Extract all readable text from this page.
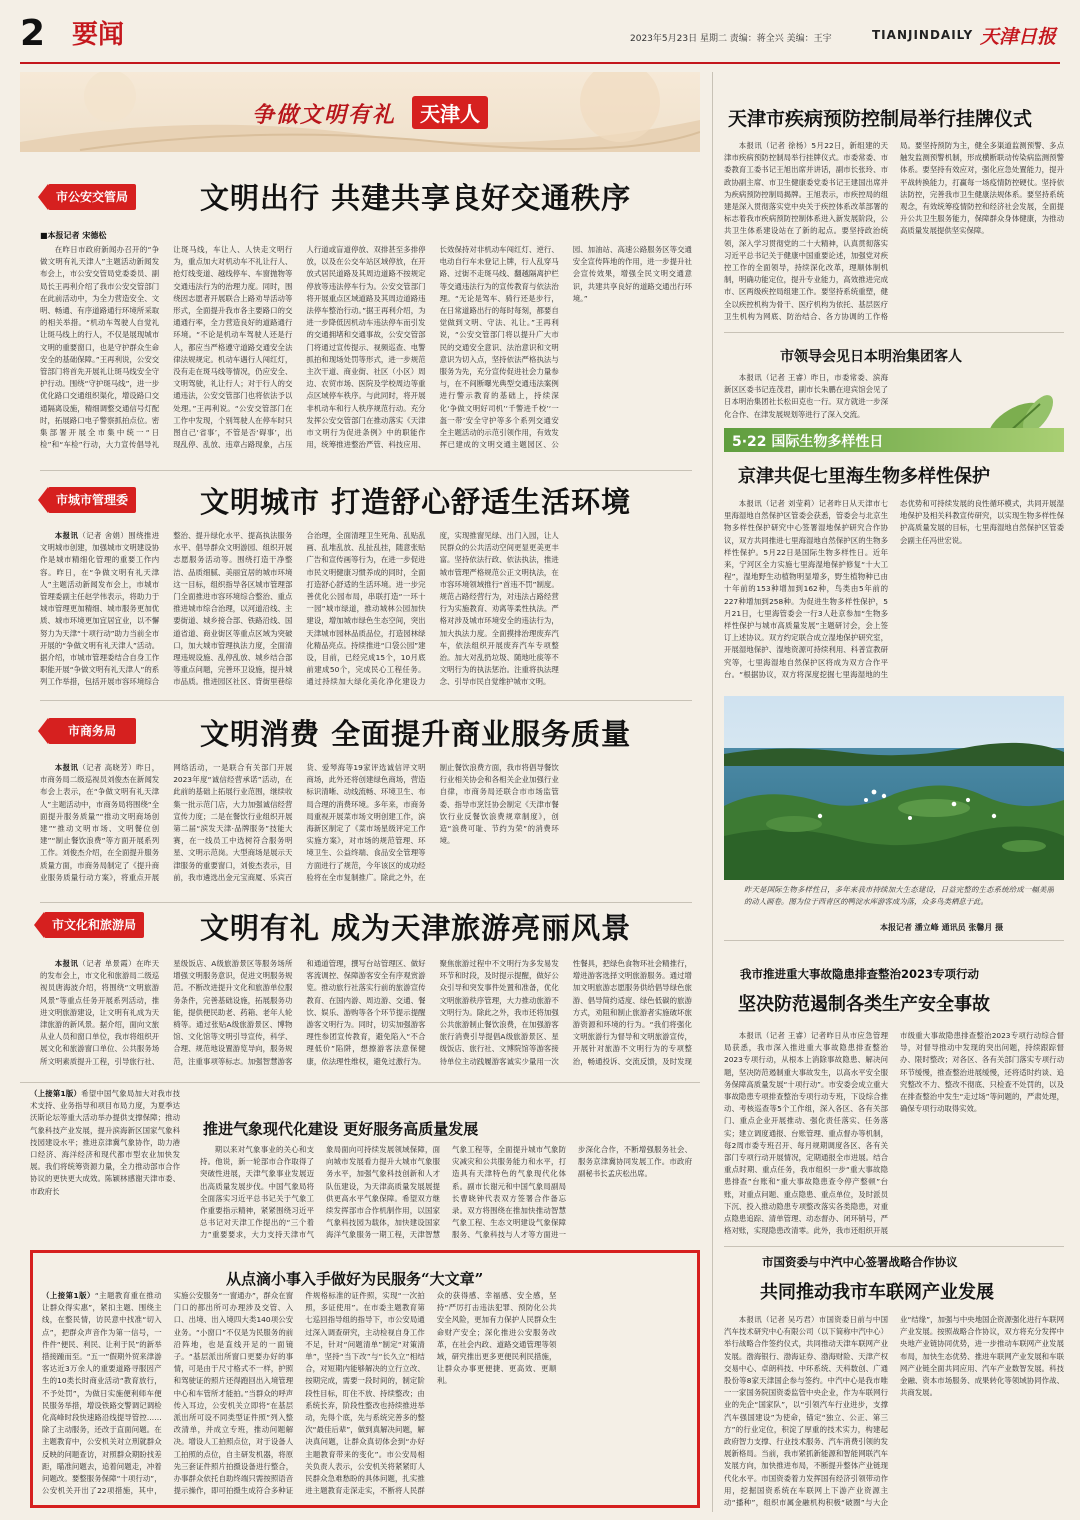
2 要闻	2023年5月23日 星期二 责编：蒋全兴 美编：王宇	TIANJINDAILY 天津日报
争做文明有礼	天津人
市公安交管局 文明出行 共建共享良好交通秩序
■本报记者 宋德松

在昨日市政府新闻办召开的“争做文明有礼天津人”主题活动新闻发布会上，市公安交管局党委委员、副局长王再利介绍了我市公安交管部门在此前活动中，为全力营造安全、文明、畅通、有序道路通行环境所采取的相关举措。“机动车驾驶人自觉礼让斑马线上的行人，不仅是展现城市文明的重要窗口，也是守护群众生命安全的基础保障。”王再利说，公安交管部门将首先开展礼让斑马线安全守护行动。围绕“守护斑马线”，进一步优化路口交通组织渠化，增设路口交通隔离设施，精细调整交通信号灯配时，拓展路口电子警察抓拍点位。密集部署开展全市集中统一“日检”和“车检”行动，大力宣传倡导礼让斑马线，车让人、人快走文明行为，重点加大对机动车不礼让行人、抢灯线变道、越线停车、车窗抛物等交通违法行为的治理力度。同时，围绕因志愿者开展联合上路劝导活动等形式，全面提升我市各主要路口的交通通行率，全力营造良好的道路通行环境。“不论是机动车驾驶人还是行人，都应当严格遵守道路交通安全法律法规规定。机动车遇行人闯红灯，没有走在斑马线等情况，仍应安全、文明驾驶，礼让行人；对于行人的交通违法，公安交管部门也将依法予以处理。”王再利说。“公安交管部门在工作中发现，个别驾驶人在停车时只图自己‘省事’，不管是否‘碍事’，出现乱停、乱放、违章占路现象，占压人行道或盲道停放、双排甚至多排停放，以及在公交车站区域停放，在开放式居民道路及其周边道路不按规定停放等违法停车行为。公安交管部门将开展重点区域道路及其周边道路违法停车整治行动。”据王再利介绍，为进一步降低因机动车违法停车而引发的交通拥堵和交通事故，公安交管部门将通过宣传提示、视频巡查、电警抓拍和现场处罚等形式，进一步规范主次干道、商业街、社区（小区）周边、农贸市场、医院及学校周边等重点区域停车秩序。与此同时，将开展非机动车和行人秩序规范行动。充分发挥公安交管部门在推动落实《天津市文明行为促进条例》中的职能作用，统筹推进整治严管、科技应用、长效保持对非机动车闯红灯、逆行、电动自行车未登记上牌，行人乱穿马路、过街不走斑马线、翻越隔离护栏等交通违法行为的宣传教育与依法治理。“无论是驾车、骑行还是步行，在日常道路出行的每时每刻，都要自觉做到文明、守法、礼让。”王再利说，“公安交管部门将以提升广大市民的交通安全意识、法治意识和文明意识为切入点，坚持依法严格执法与服务为先，充分宣传促进社会力量参与，在不间断曝光典型交通违法案例进行警示教育的基础上，持续深化‘争做文明好司机’‘千警进千校’‘一盔一带’安全守护等多个系列交通安全主题活动的示范引领作用，有效发挥已建成的文明交通主题园区、公园、加油站、高速公路服务区等交通安全宣传阵地的作用，进一步提升社会宣传效果，增强全民文明交通意识，共建共享良好的道路交通出行环境。”

市城市管理委 文明城市 打造舒心舒适生活环境

本报讯（记者 舍娟）围绕推进文明城市创建，加强城市文明建设协作是城市精细化管理的重要工作内容。昨日，在“争做文明有礼天津人”主题活动新闻发布会上，市城市管理委副主任赵学伟表示，将助力于城市管理更加精细、城市服务更加优质、城市环境更加宜居宜业，以不懈努力为天津“十项行动”助力当前全市开展的“争做文明有礼天津人”活动。据介绍，市城市管理委结合自身工作职能开展“争做文明有礼天津人”的系列工作举措，包括开展市容环境综合整治、提升绿化水平、提高执法服务水平、倡导群众文明游园、组织开展志愿服务活动等。围绕打造干净整洁、品质细腻、美丽宜居的城市环境这一目标，组织指导各区城市管理部门全面推进市容环境综合整治、重点推进城市综合治理，以河道沿线、主要街道、城乡接合部、铁路沿线、国道省道、商业街区等重点区域为突破口，加大城市管理执法力度，全面清理违规设施、乱停乱放、城乡结合部等重点问题，完善环卫设施，提升城市品质。推进园区社区、背街里巷综合治理，全面清理卫生死角、乱贴乱画、乱堆乱放、乱扯乱挂，随意张贴广告和宣传画等行为，在进一步促进市民文明健康习惯养成的同时，全面打造舒心舒适的生活环境。进一步完善优化公园布局，串联打造“一环十一园”城市绿道，推动城林公园加快建设，增加城市绿色生态空间，突出天津城市园林品质品位，打造园林绿化精品亮点。持续推进“口袋公园”建设，目前，已经完成15个，10月底前建成50个，完成民心工程任务。通过持续加大绿化美化净化建设力度，实现推窗见绿、出门入园，让人民群众的公共活动空间更显更美更丰富。坚持依法行政、依法执法，推进城市管理严格规范公正文明执法，在市容环境领域推行“首违不罚”制度。规范占路经营行为，对违法占路经营行为实施教育、劝离等柔性执法。严格对涉及城市环境安全的违法行为，加大执法力度。全面摸排治理废弃汽车，依法组织开展废弃汽车专项整治。加大对乱扔垃圾、随地吐痰等不文明行为的执法惩治。注重将执法理念、引导市民自觉维护城市文明。

市商务局	文明消费 全面提升商业服务质量

本报讯（记者 高晓芳）昨日，市商务局二级巡视员刘俊杰在新闻发布会上表示，在“争做文明有礼天津人”主题活动中，市商务局将围绕“全面提升服务质量”“推动文明商场创建”“推动文明市场、文明餐位创建”“制止餐饮浪费”等方面开展系列工作。刘俊杰介绍，在全面提升服务质量方面，市商务局制定了《提升商业服务质量行动方案》，将重点开展网络活动，一是联合有关部门开展2023年度“诚信经营承诺”活动，在此前的基础上拓展行业范围，继续收集一批示范门店，大力加强诚信经营宣传力度；二是在餐饮行业组织开展第二届“滨发天津·品牌服务”技能大赛，在一线员工中选树符合服务明星、文明示范岗。大型商场是展示天津服务的重要窗口，刘俊杰表示，目前，我市遴选出金元宝商厦、乐宾百货、爱琴海等19家评选诚信评文明商场，此外还将创建绿色商场，营造标识清晰、动线流畅、环境卫生、布局合理的消费环境。多年来，市商务局重视开展菜市场文明创建工作，滨海新区制定了《菜市场星级评定工作实施方案》，对市场的规范管理、环境卫生、公益终端、食品安全管理等方面进行了规范，今年该区的成功经验将在全市复制推广。除此之外，在制止餐饮浪费方面，我市将倡导餐饮行业相关协会和各相关企业加强行业自律，市商务局还联合市市场监管委、指导市烹饪协会制定《天津市餐饮行业反餐饮浪费规章制度》，创造“浪费可耻、节约为荣”的消费环境。

市文化和旅游局 文明有礼 成为天津旅游亮丽风景

本报讯（记者 单景霞）在昨天的发布会上，市文化和旅游局二级巡视员唐海波介绍，将围绕“文明旅游风景”等重点任务开展系列活动，推进文明旅游建设，让文明有礼成为天津旅游的新风景。据介绍，面向文旅从业人员和窗口单位，我市将组织开展文化和旅游窗口单位、公共服务场所文明素质提升工程，引导旅行社、星级饭店、A级旅游景区等服务场所增强文明服务意识，促进文明服务规范。不断改进提升文化和旅游单位服务条件，完善基础设施，拓展服务功能，提供便民助老、药箱、老年人轮椅等。通过张贴A级旅游景区、博物馆、文化馆等文明引导宣传，科学、合理、规范地设置游览导向，服务规范，注重事项等标志。加强智慧游客和通道管理，撰写台站管理区、做好客流调控、保障游客安全有序观赏游览。推动旅行社落实行前的旅游宣传教育、在国内游、周边游、交通、餐饮、娱乐、游购等各个环节提示提醒游客文明行为。同时，切实加强游客理性参团宣传教育，避免陷入“不合理低价”陷阱，想擦游客法意保健康，依法理性维权，避免过激行为。聚焦旅游过程中不文明行为多发易发环节和时段，及时提示提醒，做好公众引导和突发事件处置和准备，优化文明旅游秩序管理，大力推动旅游不文明行为。除此之外，我市还将加强公共旅游制止餐饮浪费，在加强游客旅行消费引导提倡A级旅游景区、星级饭店、旅行社、文博院馆等游客接待单位主动践履游客诚实少量用一次性餐具，把绿色食物环社会精推行，增进游客选择文明旅游服务。通过增加文明旅游志愿服务供给倡导绿色旅游、倡导简约适度、绿色低碳的旅游方式，劝阻和制止旅游者实施破坏旅游资源和环境的行为。“我们将强化文明旅游行为督导和文明旅游宣传，开展针对旅游不文明行为的专项整治，畅通投诉、交流反馈，及时发现

（上接第1版）希望中国气象局加大对我市技术支持、业务指导和项目布局力度，为夏季达沃斯论坛等重大活动举办提供支撑保障；推动气象科技产业发展，提升滨海新区国家气象科技园建设水平；推进京津冀气象协作，助力港口经济、海洋经济和现代都市型农业加快发展。我们将统筹资源力量，全力推动部市合作协议的更快更大成效。陈颖林感谢天津市委、市政府长

推进气象现代化建设 更好服务高质量发展

期以来对气象事业的关心和支持。他说，新一轮部市合作取得了突破性进展，天津气象事业发展迈出高质量发展步伐。中国气象局将全面落实习近平总书记关于气象工作重要指示精神，紧紧围绕习近平总书记对天津工作提出的“三个着力”重要要求，大力支持天津市气象局面向可持续发展领域保障，面向城市发展看力提升大城市气象服务水平，加强气象科技创新和人才队伍建设，为天津高质量发展展提供更高水平气象保障。希望双方继续发挥部市合作机制作用，以国家气象科技园为载体，加快建设国家海洋气象服务一期工程，天津智慧气象工程等，全面提升城市气象防灾减灾和公共服务能力和水平，打造具有天津特色的气象现代化体系。副市长谢元和中国气象局副局长曹晓钟代表双方签署合作备忘录。双方将围绕在推加快推动智慧气象工程、生态文明建设气象保障服务、气象科技与人才等方面进一步深化合作，不断增强服务社会、服务京津冀协同发展工作。市政府副秘书长孟庆松出席。

从点滴小事入手做好为民服务“大文章”

（上接第1版）“主题教育重在推动让群众得实惠”，紧扣主题、围绕主线，在整民情，访民意中找准“切入点”，把群众声音作为第一信号，一件件“便民、利民、让利于民”的新举措接踵而至。“五一”假期外贸来津游客达近3万余人的重要道路寻服因产生的10类长时商业活动“教育放行，不予处罚”，为做日实施便利师车便民服务举措，增设铁路交警调记调检化高峰时段快速路沿线提导管控……除了主动服务，还改于直面问题。在主题教育中，公安机关对立刑就群众反映的问题查访，对照群众期盼找差距，瞄准问题去，追着问题走，冲着问题改。要整服务保障“十项行动”，公安机关开出了22项措施，其中，实施公安服务“一窗通办”，群众在窗门口的都出所可办理涉及交管、入口、出境、出入境四大类140项公安业务。“小窗口”不仅是为民服务的前沿阵地，也是直线开足的一面镜子。“基层派出所窗口更要办好的事情，可是由于尺寸格式不一样，护照和驾驶证的照片还得跑回出入境管理中心和车管所才能拍。”当群众的呼声传入耳边，公安机关立即将“在基层派出所可设不同类型证件照”列入整改清单，并成立专班，推动问题解决。增设人工拍照点位，对于设备人工拍照的点位，自主研发机器，将原先三套证件照片拍摄设备进行整合，办事群众依托自助终端只需按照语音提示操作，即可拍摄生成符合多种证件规格标准的证件照，实现“一次拍照，多证使用”。在市委主题教育第七巡回指导组的指导下，市公安局通过深入调查研究，主动检视自身工作不足，针对“问题清单”制定“对策清单”，坚持“当下改”与“长久立”相结合，对短期内能够解决的立行立改、按期完成，需要一段时间的，制定阶段性目标，盯住不放、持续整改；由系统长弃，阶段性整改也持续推进举动，先得个底，先与系统完善多的整次“最佳后辈”，做到真解决问题，解决真问题，让群众真切体会到“办好主题教育带来的变化”。市公安局相关负责人表示，公安机关将紧紧盯人民群众急难愁盼的具体问题，扎实推进主题教育走深走实，不断将人民群众的获得感、幸福感、安全感，坚持“严厉打击违法犯罪、预防化公共安全风险，更加有力保护人民群众生命财产安全；深化推进公安服务改革，在社会内政、道路交通管理等领域，研究推出更多更便民利民措施，让群众办事更便捷、更高效、更顺利。

天津市疾病预防控制局举行挂牌仪式

本报讯（记者 徐杨）5月22日，新组建的天津市疾病预防控制局举行挂牌仪式。市委常委、市委教育工委书记王旭出席并讲话，副市长张玲、市政协副主席、市卫生健康委党委书记王建国出席并为疾病预防控制局揭牌。王旭表示，市疾控局的组建是深入贯彻落实党中央关于疾控体系改革部署的标志着我市疾病预防控制体系进入新发展阶段，公共卫生体系建设站在了新的起点。要坚持政治统领，深入学习贯彻党的二十大精神，认真贯彻落实习近平总书记关于健康中国重要论述，加强党对疾控工作的全面领导，持续深化改革，理顺体制机制，明确功能定位，提升专业能力，高效推进完成市、区两级疾控局组建工作。要坚持系统重塑，健全以疾控机构为骨干、医疗机构为依托、基层医疗卫生机构为网底、防治结合、各方协调的工作格局。要坚持预防为主，健全多渠道监测预警、多点触发监测预警机制，形成横断联动传染病监测预警体系。要坚持有效应对，强化应急处置能力，提升平战转换能力，打赢每一场疫情防控硬仗。坚持依法防控，完善我市卫生健康法规体系。要坚持系统观念，有效统筹疫情防控和经济社会发展，全面提升公共卫生服务能力，保障群众身体健康，为推动高质量发展提供坚实保障。

市领导会见日本明治集团客人

本报讯（记者 王睿）昨日，市委常委、滨海新区区委书记连茂君，副市长朱鹏在迎宾馆会见了日本明治集团社长松田克也一行。双方就进一步深化合作、在津发展规划等进行了深入交流。

5·22 国际生物多样性日
京津共促七里海生物多样性保护

本报讯（记者 刘莹莉）记者昨日从天津市七里海湿地自然保护区管委会获悉，管委会与北京生物多样性保护研究中心签署湿地保护研究合作协议，双方共同推进七里海湿地自然保护区的生物多样性保护。5月22日是国际生物多样性日。近年来，宁河区全力实施七里海湿地保护修复“十大工程”，湿地野生动植物明显增多，野生植物种已由十年前的153种增加到162种，鸟类由5年前的227种增加到258种。为促进生物多样性保护，5月21日，七里海管委会一行3人赴京参加“生物多样性保护与城市高质量发展”主题研讨会，会上签订上述协议。双方约定联合成立湿地保护研究室，开展湿地保护、湿地资源可持续利用、科普宣教研究等，七里海湿地自然保护区将成为双方合作平台。“根据协议，双方将深度挖掘七里海湿地的生态优势和可持续发展的良性循环模式，共同开展湿地保护及相关科教宣传研究，以实现生物多样性保护高质量发展的目标，七里海湿地自然保护区管委会副主任冯世宏说。

昨天是国际生物多样性日，多年来我市持续加大生态建设，日益完整的生态系统给成一幅美丽的动人画卷。图为位于西青区的鸭淀水库游客成为落，众多鸟类栖息于此。

本报记者 潘立峰 通讯员 张馨月 摄
我市推进重大事故隐患排查整治2023专项行动
坚决防范遏制各类生产安全事故

本报讯（记者 王睿）记者昨日从市应急管理局获悉，我市深入推进重大事故隐患排查整治2023专项行动，从根本上消除事故隐患、解决问题，坚决防范遏制重大事故发生，以高水平安全服务保障高质量发展“十项行动”。市安委会成立重大事故隐患专项排查整治专项行动专班，下设综合推动、考核巡查等5个工作组，深入各区、各有关部门、重点企业开展推动、强化责任落实、任务落实；建立调度通报、台账管理、重点督办等机制，每2周市委专班召开、每月规期调度各区、各有关部门专项行动开展情况，定期通报全市进展。结合重点时期、重点任务，我市组织一步“重大事故隐患排查”台账和“重大事故隐患查令停产整顿”台账，对重点问题、重点隐患、重点单位，及时派员下沉、投入推动隐患专项整改落实各类隐患，对重点隐患追踪、清单管理、动态督办、闭环销号，严格对账，实现隐患改清零。此外，我市还组织开展市级重大事故隐患排查整治2023专项行动综合督导，对督导推动中发现的突出问题，持续跟踪督办、限时整改；对各区、各有关部门落实专项行动环节缓慢，推查整治进展缓慢，还将适时约谈、追究整改不力、整改不彻底、只检查不处罚的，以及在排查整治中发生“走过场”等问题的，严肃处理，确保专项行动取得实效。

市国资委与中汽中心签署战略合作协议
共同推动我市车联网产业发展

本报讯（记者 吴巧君）市国资委日前与中国汽车技术研究中心有限公司（以下简称中汽中心）举行战略合作签约仪式，共同推动天津车联网产业发展。渤海银行、渤海证券、渤海财险、天津产权交易中心、卓朗科技、中环系统、天科数创、广通股份等8家天津国企参与签约。中汽中心是我市唯一一家国务院国资委监管中央企业，作为车联网行业的先企“国家队”，以“引领汽车行业进步，支撑汽车强国建设”为使命，锚定“独立、公正、第三方”的行业定位，积淀了厚重的技术实力，构建起政府智力支撑、行业技术服务、汽车消费引领的发展新格局。当前，我市紧抓新能源和智能网联汽车发展方向，加快推进布局，不断提升整体产业链现代化水平。市国资委着力发挥国有经济引领带动作用，挖掘国资系统在车联网上下游产业资源主动“播种”，组织市属金融机构积极“破圈”与大企业“结缘”，加强与中央地国企资源强化进行车联网产业发展。按照战略合作协议，双方将充分发挥中央地产业链协同优势，进一步推动车联网产业发展布局，加快生态优势、推进车联网产业发展和车联网产业链全面共同应用、汽车产业数智发展。科技金融、资本市场服务、成果转化等领域协同作战、共商发展。
